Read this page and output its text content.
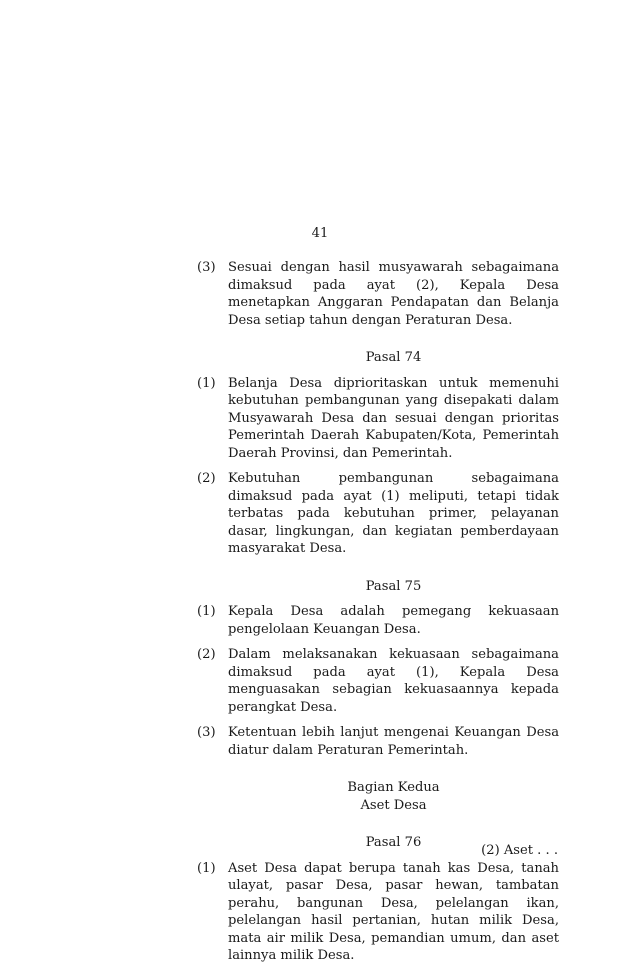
41
(3) Sesuai dengan hasil musyawarah sebagaimana dimaksud pada ayat (2), Kepala Desa menetapkan Anggaran Pendapatan dan Belanja Desa setiap tahun dengan Peraturan Desa.
Pasal 74
(1) Belanja Desa diprioritaskan untuk memenuhi kebutuhan pembangunan yang disepakati dalam Musyawarah Desa dan sesuai dengan prioritas Pemerintah Daerah Kabupaten/Kota, Pemerintah Daerah Provinsi, dan Pemerintah.
(2) Kebutuhan pembangunan sebagaimana dimaksud pada ayat (1) meliputi, tetapi tidak terbatas pada kebutuhan primer, pelayanan dasar, lingkungan, dan kegiatan pemberdayaan masyarakat Desa.
Pasal 75
(1) Kepala Desa adalah pemegang kekuasaan pengelolaan Keuangan Desa.
(2) Dalam melaksanakan kekuasaan sebagaimana dimaksud pada ayat (1), Kepala Desa menguasakan sebagian kekuasaannya kepada perangkat Desa.
(3) Ketentuan lebih lanjut mengenai Keuangan Desa diatur dalam Peraturan Pemerintah.
Bagian Kedua
Aset Desa
Pasal 76
(1) Aset Desa dapat berupa tanah kas Desa, tanah ulayat, pasar Desa, pasar hewan, tambatan perahu, bangunan Desa, pelelangan ikan, pelelangan hasil pertanian, hutan milik Desa, mata air milik Desa, pemandian umum, dan aset lainnya milik Desa.
(2) Aset . . .
